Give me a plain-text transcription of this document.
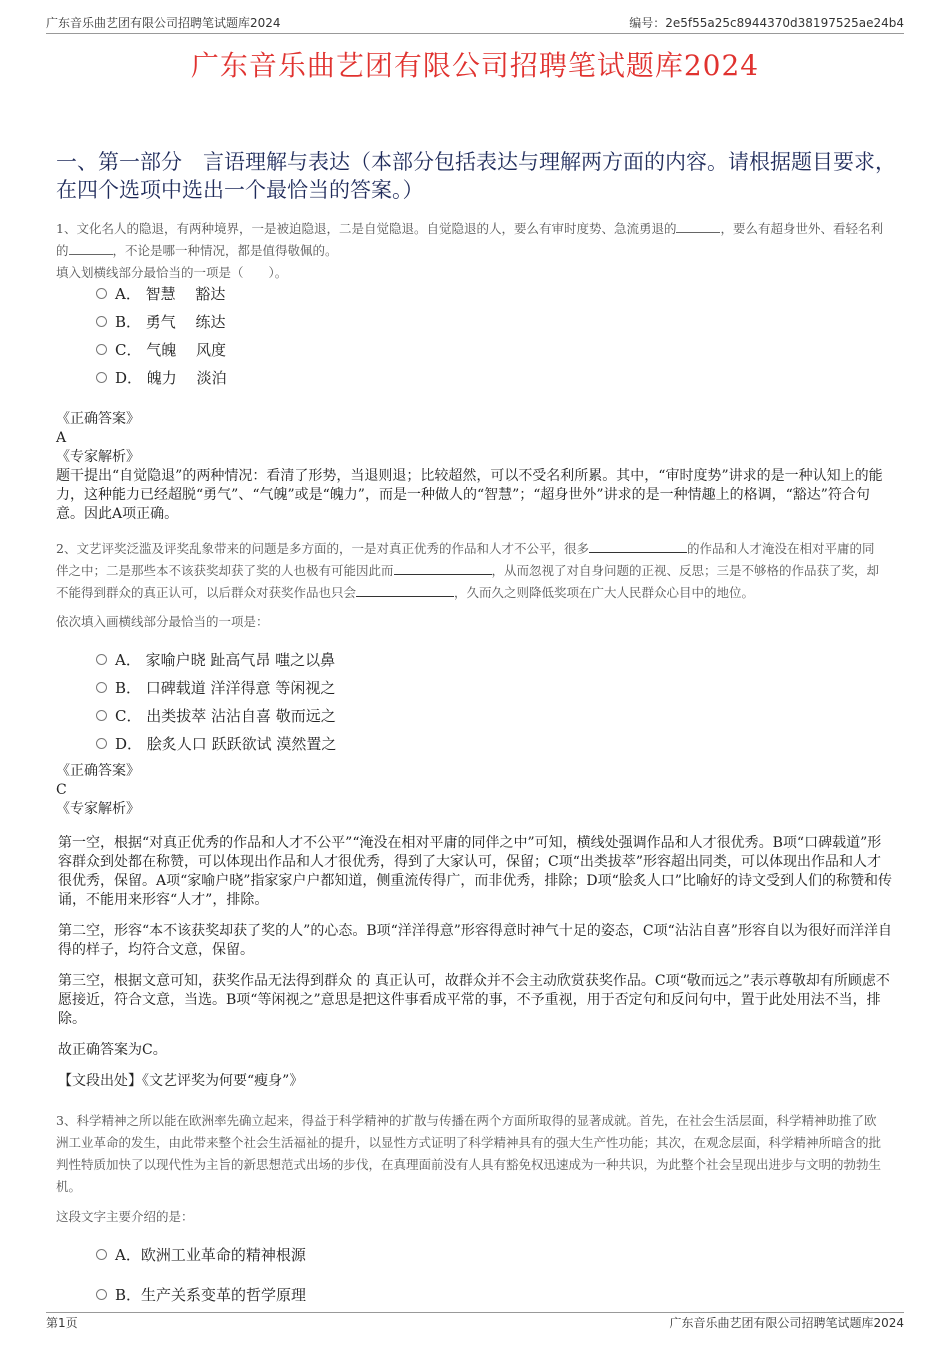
广东音乐曲艺团有限公司招聘笔试题库2024	编号：2e5f55a25c8944370d38197525ae24b4
广东音乐曲艺团有限公司招聘笔试题库2024
一、第一部分　言语理解与表达（本部分包括表达与理解两方面的内容。请根据题目要求，在四个选项中选出一个最恰当的答案。）
1、文化名人的隐退，有两种境界，一是被迫隐退，二是自觉隐退。自觉隐退的人，要么有审时度势、急流勇退的	，要么有超身世外、看轻名利的	，不论是哪一种情况，都是值得敬佩的。
填入划横线部分最恰当的一项是（　　）。
A． 智慧　 豁达
B． 勇气　 练达
C． 气魄　 风度
D． 魄力　 淡泊
《正确答案》
A
《专家解析》
题干提出“自觉隐退”的两种情况：看清了形势，当退则退；比较超然，可以不受名利所累。其中，“审时度势”讲求的是一种认知上的能力，这种能力已经超脱“勇气”、“气魄”或是“魄力”，而是一种做人的“智慧”；“超身世外”讲求的是一种情趣上的格调，“豁达”符合句意。因此A项正确。
2、文艺评奖泛滥及评奖乱象带来的问题是多方面的，一是对真正优秀的作品和人才不公平，很多	的作品和人才淹没在相对平庸的同伴之中；二是那些本不该获奖却获了奖的人也极有可能因此而	，从而忽视了对自身问题的正视、反思；三是不够格的作品获了奖，却不能得到群众的真正认可，以后群众对获奖作品也只会	，久而久之则降低奖项在广大人民群众心目中的地位。
依次填入画横线部分最恰当的一项是：
A． 家喻户晓 趾高气昂 嗤之以鼻
B． 口碑载道 洋洋得意 等闲视之
C． 出类拔萃 沾沾自喜 敬而远之
D． 脍炙人口 跃跃欲试 漠然置之
《正确答案》
C
《专家解析》

第一空，根据“对真正优秀的作品和人才不公平”“淹没在相对平庸的同伴之中”可知，横线处强调作品和人才很优秀。B项“口碑载道”形容群众到处都在称赞，可以体现出作品和人才很优秀，得到了大家认可，保留；C项“出类拔萃”形容超出同类，可以体现出作品和人才很优秀，保留。A项“家喻户晓”指家家户户都知道，侧重流传得广，而非优秀，排除；D项“脍炙人口”比喻好的诗文受到人们的称赞和传诵，不能用来形容“人才”，排除。

第二空，形容“本不该获奖却获了奖的人”的心态。B项“洋洋得意”形容得意时神气十足的姿态，C项“沾沾自喜”形容自以为很好而洋洋自得的样子，均符合文意，保留。

第三空，根据文意可知，获奖作品无法得到群众 的 真正认可，故群众并不会主动欣赏获奖作品。C项“敬而远之”表示尊敬却有所顾虑不愿接近，符合文意，当选。B项“等闲视之”意思是把这件事看成平常的事，不予重视，用于否定句和反问句中，置于此处用法不当，排除。

故正确答案为C。

【文段出处】《文艺评奖为何要“瘦身”》

3、科学精神之所以能在欧洲率先确立起来，得益于科学精神的扩散与传播在两个方面所取得的显著成就。首先，在社会生活层面，科学精神助推了欧洲工业革命的发生，由此带来整个社会生活福祉的提升，以显性方式证明了科学精神具有的强大生产性功能；其次，在观念层面，科学精神所暗含的批判性特质加快了以现代性为主旨的新思想范式出场的步伐，在真理面前没有人具有豁免权迅速成为一种共识，为此整个社会呈现出进步与文明的勃勃生机。
这段文字主要介绍的是：
A．欧洲工业革命的精神根源
B．生产关系变革的哲学原理
第1页	广东音乐曲艺团有限公司招聘笔试题库2024
